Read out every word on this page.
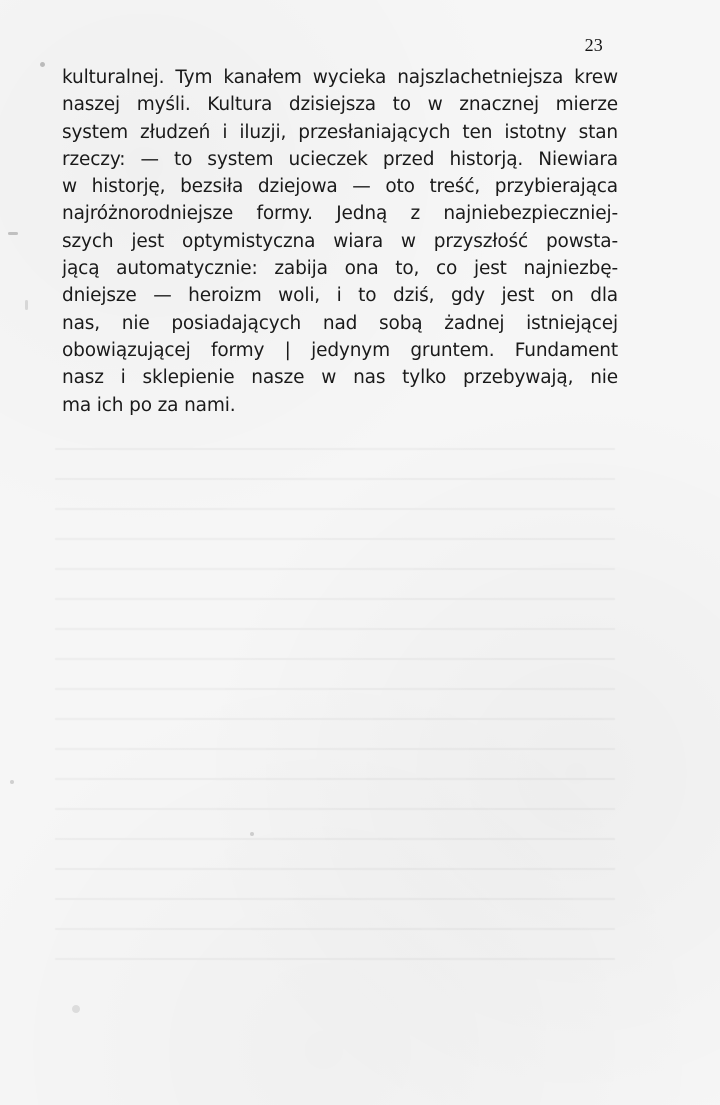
23
kulturalnej. Tym kanałem wycieka najszlachetniejsza krew
naszej myśli. Kultura dzisiejsza to w znacznej mierze
system złudzeń i iluzji, przesłaniających ten istotny stan
rzeczy: — to system ucieczek przed historją. Niewiara
w historję, bezsiła dziejowa — oto treść, przybierająca
najróżnorodniejsze formy. Jedną z najniebezpieczniej-
szych jest optymistyczna wiara w przyszłość powsta-
jącą automatycznie: zabija ona to, co jest najniezbę-
dniejsze — heroizm woli, i to dziś, gdy jest on dla
nas, nie posiadających nad sobą żadnej istniejącej
obowiązującej formy | jedynym gruntem. Fundament
nasz i sklepienie nasze w nas tylko przebywają, nie
ma ich po za nami.
